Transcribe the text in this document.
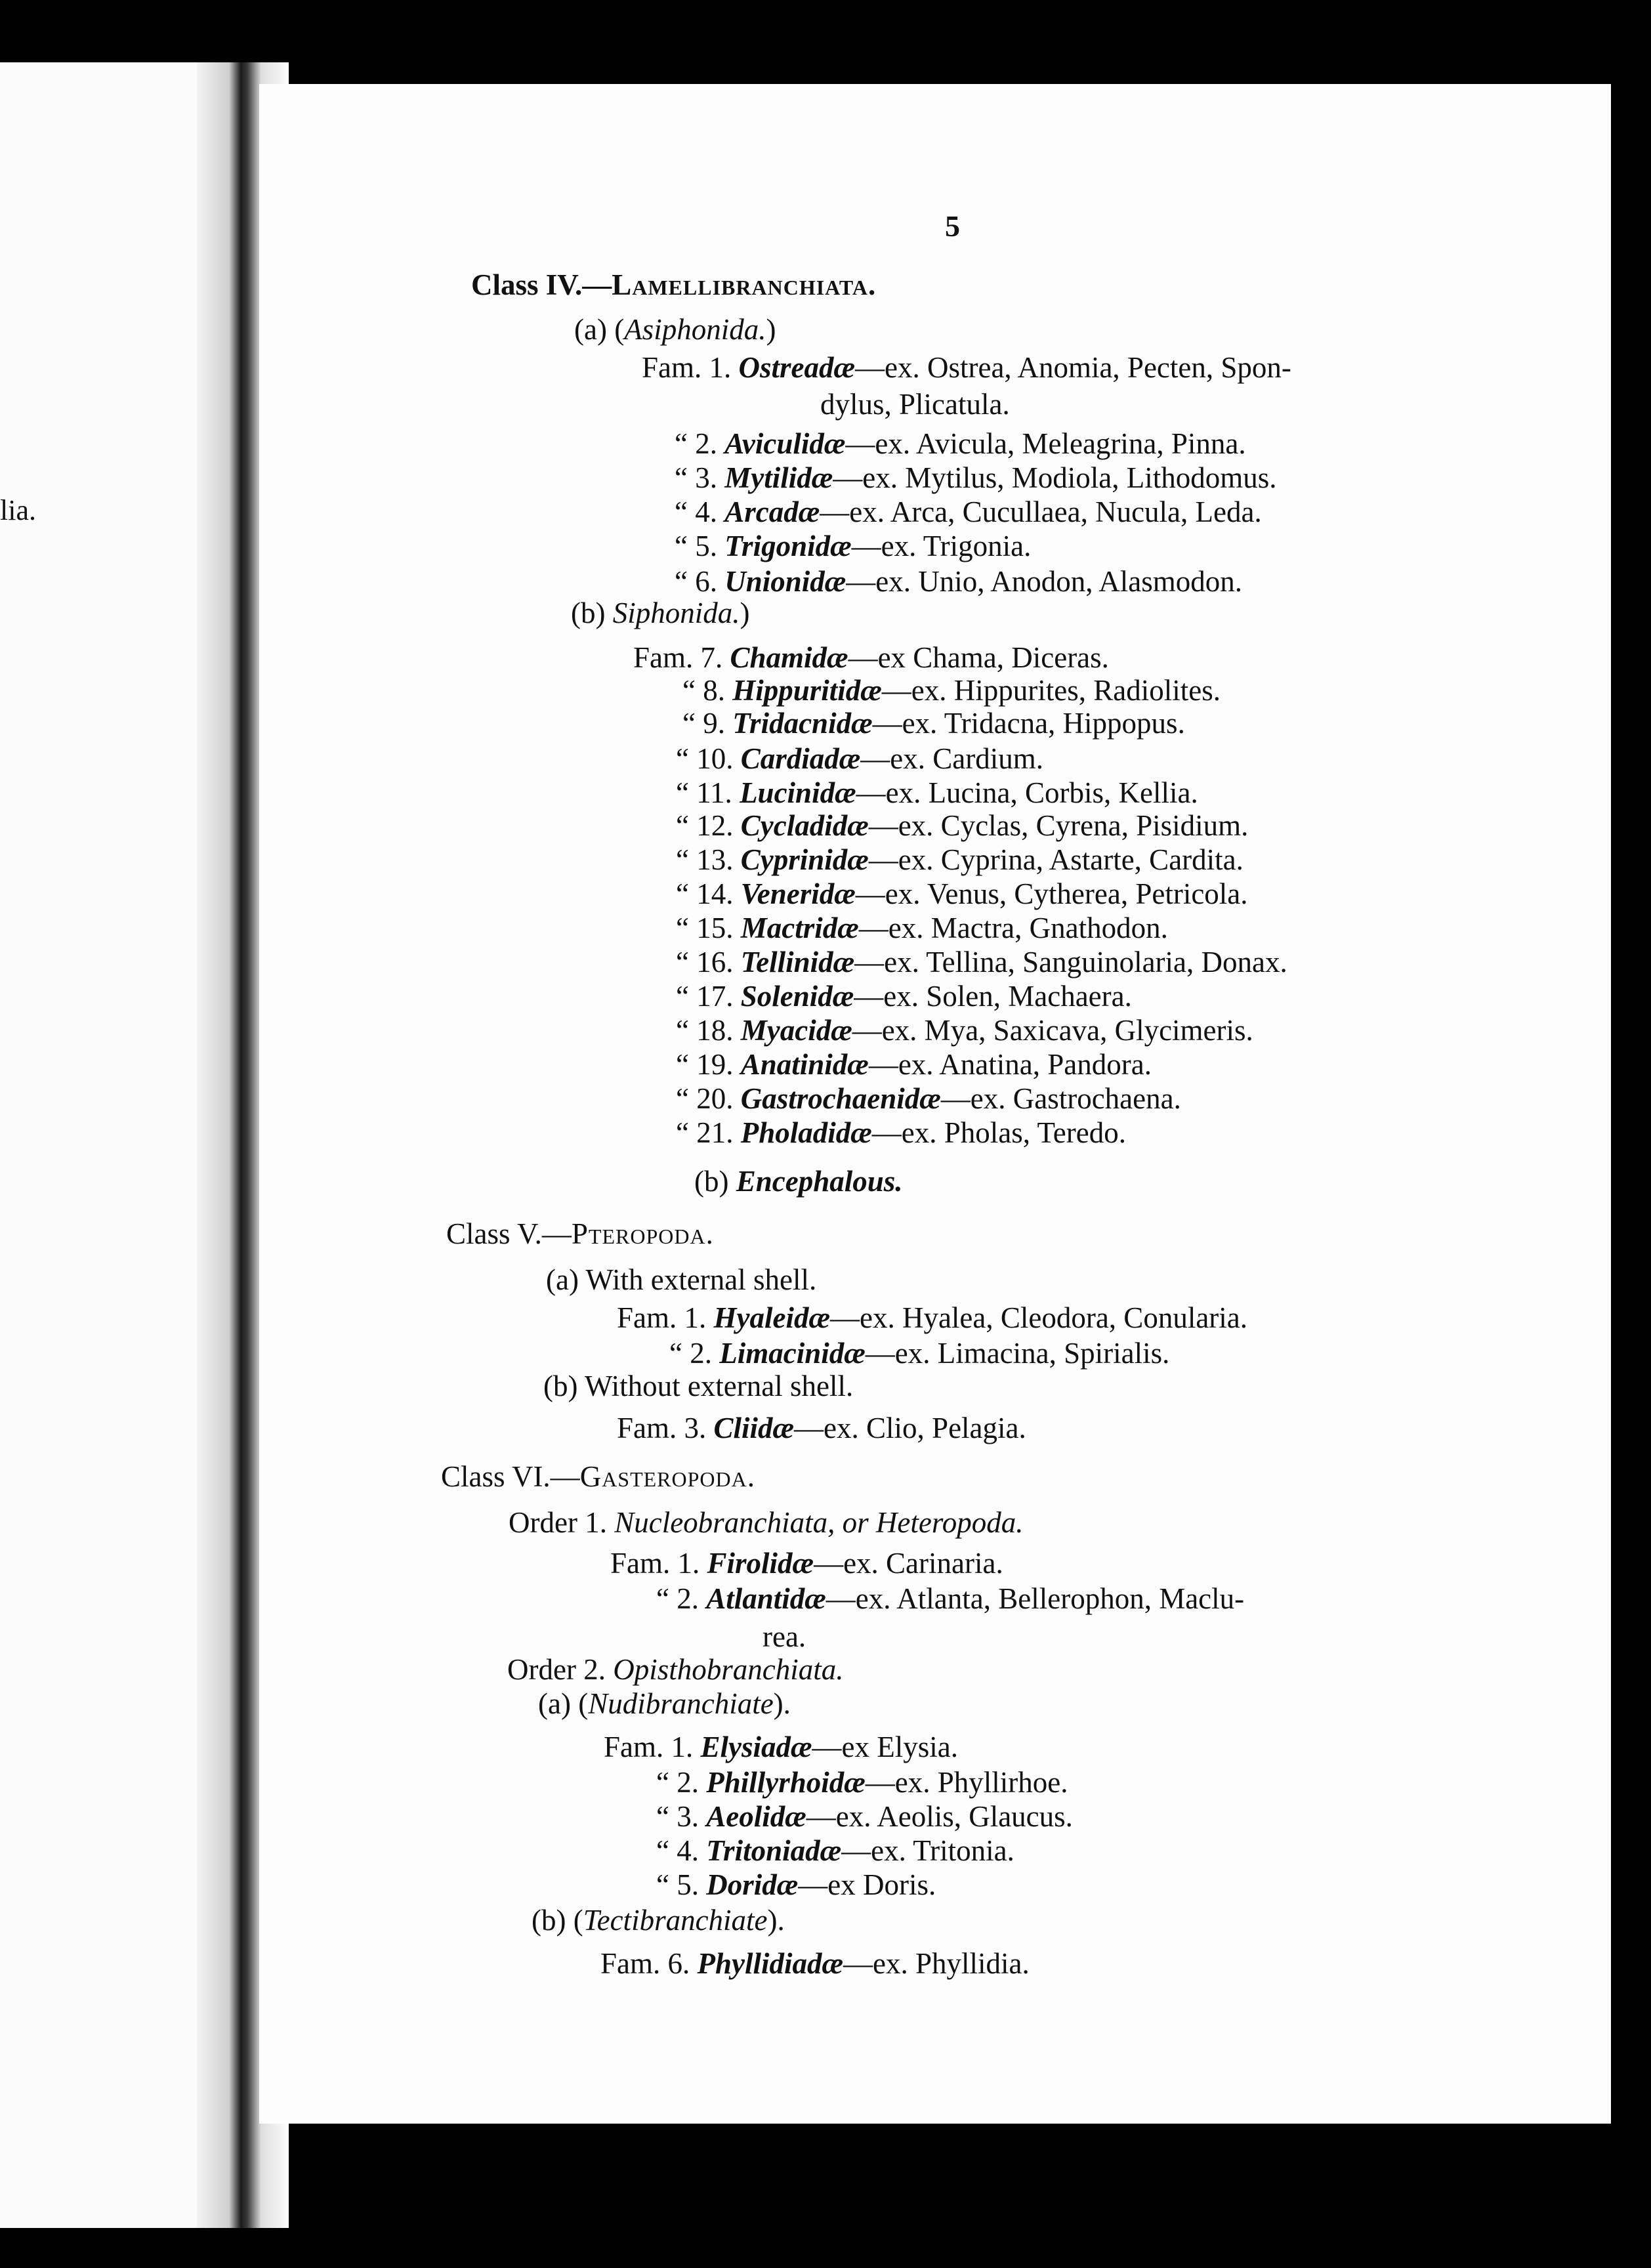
lia.
5
Class IV.—Lamellibranchiata.
(a) (Asiphonida.)
Fam. 1. Ostreadæ—ex. Ostrea, Anomia, Pecten, Spon-
dylus, Plicatula.
“ 2. Aviculidæ—ex. Avicula, Meleagrina, Pinna.
“ 3. Mytilidæ—ex. Mytilus, Modiola, Lithodomus.
“ 4. Arcadæ—ex. Arca, Cucullaea, Nucula, Leda.
“ 5. Trigonidæ—ex. Trigonia.
“ 6. Unionidæ—ex. Unio, Anodon, Alasmodon.
(b) Siphonida.)
Fam. 7. Chamidæ—ex Chama, Diceras.
“ 8. Hippuritidæ—ex. Hippurites, Radiolites.
“ 9. Tridacnidæ—ex. Tridacna, Hippopus.
“ 10. Cardiadæ—ex. Cardium.
“ 11. Lucinidæ—ex. Lucina, Corbis, Kellia.
“ 12. Cycladidæ—ex. Cyclas, Cyrena, Pisidium.
“ 13. Cyprinidæ—ex. Cyprina, Astarte, Cardita.
“ 14. Veneridæ—ex. Venus, Cytherea, Petricola.
“ 15. Mactridæ—ex. Mactra, Gnathodon.
“ 16. Tellinidæ—ex. Tellina, Sanguinolaria, Donax.
“ 17. Solenidæ—ex. Solen, Machaera.
“ 18. Myacidæ—ex. Mya, Saxicava, Glycimeris.
“ 19. Anatinidæ—ex. Anatina, Pandora.
“ 20. Gastrochaenidæ—ex. Gastrochaena.
“ 21. Pholadidæ—ex. Pholas, Teredo.
(b) Encephalous.
Class V.—Pteropoda.
(a) With external shell.
Fam. 1. Hyaleidæ—ex. Hyalea, Cleodora, Conularia.
“ 2. Limacinidæ—ex. Limacina, Spirialis.
(b) Without external shell.
Fam. 3. Cliidæ—ex. Clio, Pelagia.
Class VI.—Gasteropoda.
Order 1. Nucleobranchiata, or Heteropoda.
Fam. 1. Firolidæ—ex. Carinaria.
“ 2. Atlantidæ—ex. Atlanta, Bellerophon, Maclu-
rea.
Order 2. Opisthobranchiata.
(a) (Nudibranchiate).
Fam. 1. Elysiadæ—ex Elysia.
“ 2. Phillyrhoidæ—ex. Phyllirhoe.
“ 3. Aeolidæ—ex. Aeolis, Glaucus.
“ 4. Tritoniadæ—ex. Tritonia.
“ 5. Doridæ—ex Doris.
(b) (Tectibranchiate).
Fam. 6. Phyllidiadæ—ex. Phyllidia.
